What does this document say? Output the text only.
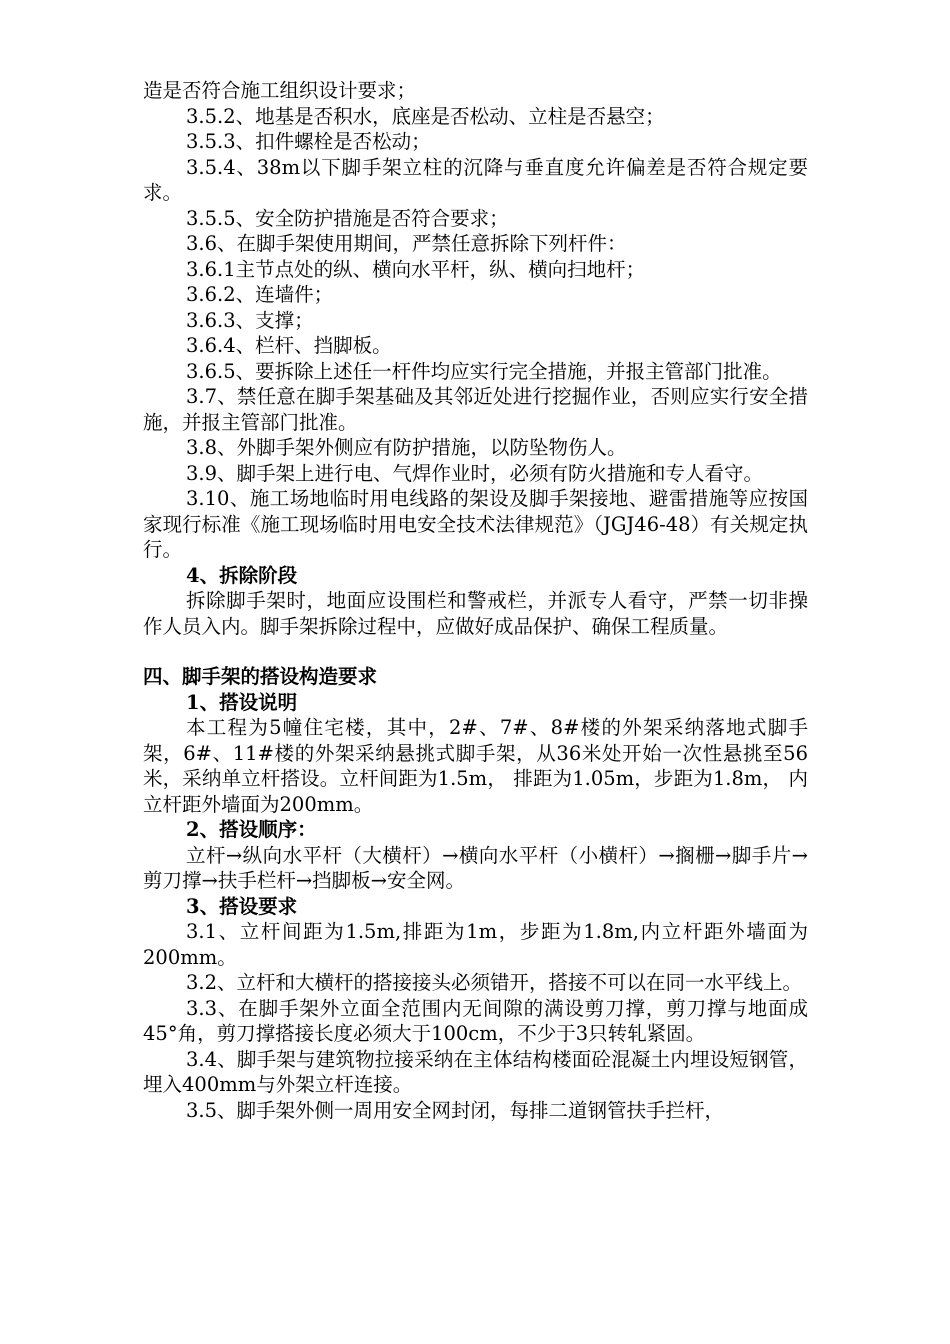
造是否符合施工组织设计要求；

3.5.2、地基是否积水，底座是否松动、立柱是否悬空；

3.5.3、扣件螺栓是否松动；

3.5.4、38m以下脚手架立柱的沉降与垂直度允许偏差是否符合规定要求。

3.5.5、安全防护措施是否符合要求；

3.6、在脚手架使用期间，严禁任意拆除下列杆件：

3.6.1主节点处的纵、横向水平杆，纵、横向扫地杆；

3.6.2、连墙件；

3.6.3、支撑；

3.6.4、栏杆、挡脚板。

3.6.5、要拆除上述任一杆件均应实行完全措施，并报主管部门批准。

3.7、禁任意在脚手架基础及其邻近处进行挖掘作业，否则应实行安全措施，并报主管部门批准。

3.8、外脚手架外侧应有防护措施，以防坠物伤人。

3.9、脚手架上进行电、气焊作业时，必须有防火措施和专人看守。

3.10、施工场地临时用电线路的架设及脚手架接地、避雷措施等应按国家现行标准《施工现场临时用电安全技术法律规范》（JGJ46-48）有关规定执行。

4、拆除阶段

拆除脚手架时，地面应设围栏和警戒栏，并派专人看守，严禁一切非操作人员入内。脚手架拆除过程中，应做好成品保护、确保工程质量。

四、脚手架的搭设构造要求

1、搭设说明

本工程为5幢住宅楼，其中，2#、7#、8#楼的外架采纳落地式脚手架，6#、11#楼的外架采纳悬挑式脚手架，从36米处开始一次性悬挑至56米，采纳单立杆搭设。立杆间距为1.5m， 排距为1.05m，步距为1.8m， 内立杆距外墙面为200mm。

2、搭设顺序：

立杆→纵向水平杆（大横杆）→横向水平杆（小横杆）→搁栅→脚手片→剪刀撑→扶手栏杆→挡脚板→安全网。

3、搭设要求

3.1、立杆间距为1.5m,排距为1m，步距为1.8m,内立杆距外墙面为200mm。

3.2、立杆和大横杆的搭接接头必须错开，搭接不可以在同一水平线上。

3.3、在脚手架外立面全范围内无间隙的满设剪刀撑，剪刀撑与地面成45°角，剪刀撑搭接长度必须大于100cm，不少于3只转轧紧固。

3.4、脚手架与建筑物拉接采纳在主体结构楼面砼混凝土内埋设短钢管，埋入400mm与外架立杆连接。

3.5、脚手架外侧一周用安全网封闭，每排二道钢管扶手拦杆，
